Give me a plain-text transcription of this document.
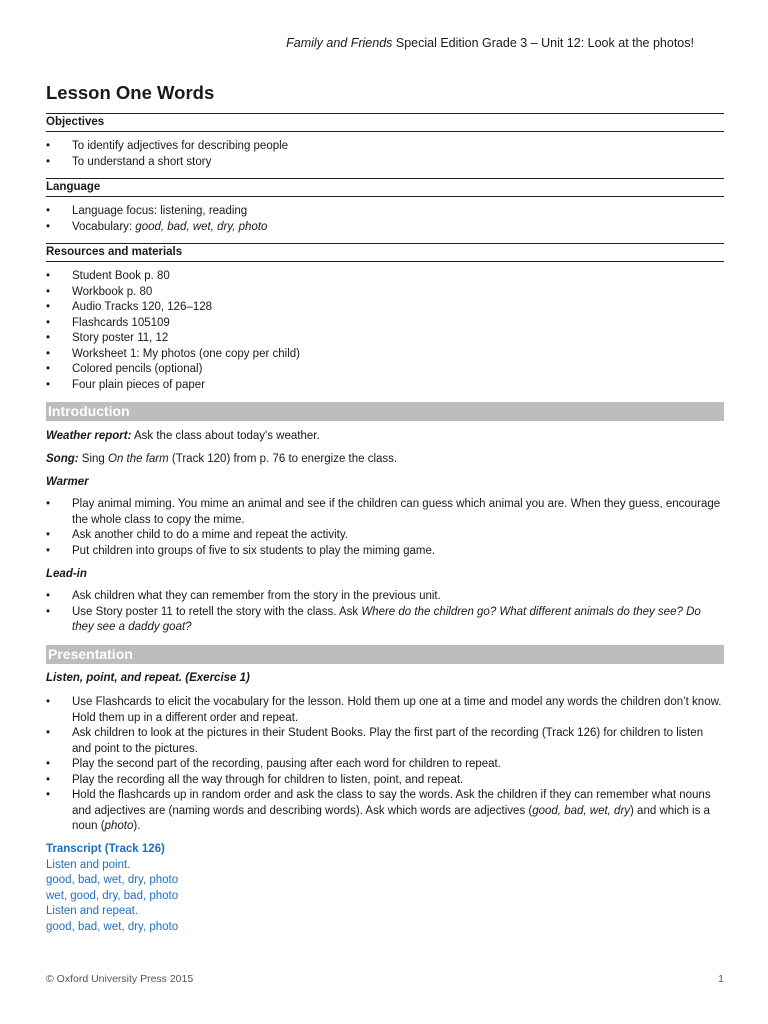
Family and Friends Special Edition Grade 3 – Unit 12: Look at the photos!
Lesson One Words
Objectives
• To identify adjectives for describing people
• To understand a short story
Language
• Language focus: listening, reading
• Vocabulary: good, bad, wet, dry, photo
Resources and materials
• Student Book p. 80
• Workbook p. 80
• Audio Tracks 120, 126–128
• Flashcards 105109
• Story poster 11, 12
• Worksheet 1: My photos (one copy per child)
• Colored pencils (optional)
• Four plain pieces of paper
Introduction
Weather report: Ask the class about today's weather.
Song: Sing On the farm (Track 120) from p. 76 to energize the class.
Warmer
• Play animal miming. You mime an animal and see if the children can guess which animal you are. When they guess, encourage the whole class to copy the mime.
• Ask another child to do a mime and repeat the activity.
• Put children into groups of five to six students to play the miming game.
Lead-in
• Ask children what they can remember from the story in the previous unit.
• Use Story poster 11 to retell the story with the class. Ask Where do the children go? What different animals do they see? Do they see a daddy goat?
Presentation
Listen, point, and repeat. (Exercise 1)
• Use Flashcards to elicit the vocabulary for the lesson. Hold them up one at a time and model any words the children don’t know. Hold them up in a different order and repeat.
• Ask children to look at the pictures in their Student Books. Play the first part of the recording (Track 126) for children to listen and point to the pictures.
• Play the second part of the recording, pausing after each word for children to repeat.
• Play the recording all the way through for children to listen, point, and repeat.
• Hold the flashcards up in random order and ask the class to say the words. Ask the children if they can remember what nouns and adjectives are (naming words and describing words). Ask which words are adjectives (good, bad, wet, dry) and which is a noun (photo).
Transcript (Track 126)
Listen and point.
good, bad, wet, dry, photo
wet, good, dry, bad, photo
Listen and repeat.
good, bad, wet, dry, photo
© Oxford University Press 2015	1
